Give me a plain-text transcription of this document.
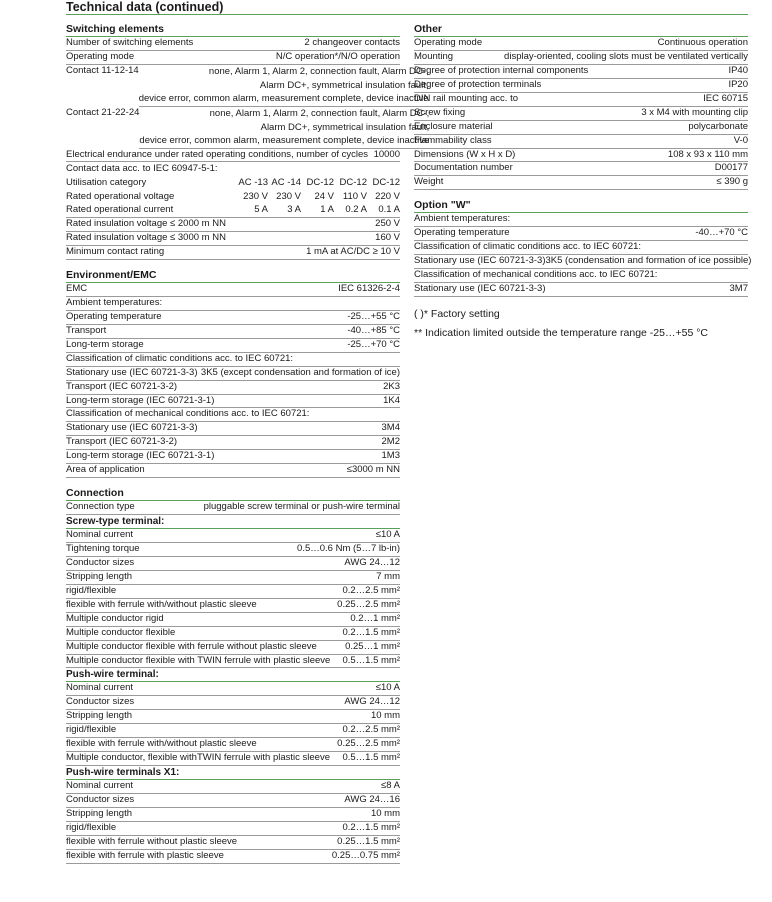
Technical data (continued)
Switching elements
Number of switching elements	2 changeover contacts
Operating mode	N/C operation*/N/O operation
Contact 11-12-14	none, Alarm 1, Alarm 2, connection fault, Alarm DC-,
Alarm DC+, symmetrical insulation fault,
device error, common alarm, measurement complete, device inactive
Contact 21-22-24	none, Alarm 1, Alarm 2, connection fault, Alarm DC-,
Alarm DC+, symmetrical insulation fault,
device error, common alarm, measurement complete, device inactive
Electrical endurance under rated operating conditions, number of cycles 10000
Contact data acc. to IEC 60947-5-1:
Utilisation category	AC -13 AC -14 DC-12 DC-12 DC-12
Rated operational voltage	230 V 230 V	24 V 110 V 220 V
Rated operational current	5 A	3 A	1 A	0.2 A	0.1 A
Rated insulation voltage ≤ 2000 m NN	250 V
Rated insulation voltage ≤ 3000 m NN	160 V
Minimum contact rating	1 mA at AC/DC ≥ 10 V
Environment/EMC
EMC	IEC 61326-2-4
Ambient temperatures:
Operating temperature	-25…+55 °C
Transport	-40…+85 °C
Long-term storage	-25…+70 °C
Classification of climatic conditions acc. to IEC 60721:
Stationary use (IEC 60721-3-3) 3K5 (except condensation and formation of ice)
Transport (IEC 60721-3-2)	2K3
Long-term storage (IEC 60721-3-1)	1K4
Classification of mechanical conditions acc. to IEC 60721:
Stationary use (IEC 60721-3-3)	3M4
Transport (IEC 60721-3-2)	2M2
Long-term storage (IEC 60721-3-1)	1M3
Area of application	≤3000 m NN
Connection
Connection type	pluggable screw terminal or push-wire terminal
Screw-type terminal:
Nominal current	≤10 A
Tightening torque	0.5…0.6 Nm (5…7 lb-in)
Conductor sizes	AWG 24…12
Stripping length	7 mm
rigid/flexible	0.2…2.5 mm²
flexible with ferrule with/without plastic sleeve	0.25…2.5 mm²
Multiple conductor rigid	0.2…1 mm²
Multiple conductor flexible	0.2…1.5 mm²
Multiple conductor flexible with ferrule without plastic sleeve	0.25…1 mm²
Multiple conductor flexible with TWIN ferrule with plastic sleeve 0.5…1.5 mm²
Push-wire terminal:
Nominal current	≤10 A
Conductor sizes	AWG 24…12
Stripping length	10 mm
rigid/flexible	0.2…2.5 mm²
flexible with ferrule with/without plastic sleeve	0.25…2.5 mm²
Multiple conductor, flexible withTWIN ferrule with plastic sleeve 0.5…1.5 mm²
Push-wire terminals X1:
Nominal current	≤8 A
Conductor sizes	AWG 24…16
Stripping length	10 mm
rigid/flexible	0.2…1.5 mm²
flexible with ferrule without plastic sleeve	0.25…1.5 mm²
flexible with ferrule with plastic sleeve	0.25…0.75 mm²
Other
Operating mode	Continuous operation
Mounting	display-oriented, cooling slots must be ventilated vertically
Degree of protection internal components	IP40
Degree of protection terminals	IP20
DIN rail mounting acc. to	IEC 60715
Screw fixing	3 x M4 with mounting clip
Enclosure material	polycarbonate
Flammability class	V-0
Dimensions (W x H x D)	108 x 93 x 110 mm
Documentation number	D00177
Weight	≤ 390 g
Option "W"
Ambient temperatures:
Operating temperature	-40…+70 °C
Classification of climatic conditions acc. to IEC 60721:
Stationary use (IEC 60721-3-3) 3K5 (condensation and formation of ice possible)
Classification of mechanical conditions acc. to IEC 60721:
Stationary use (IEC 60721-3-3)	3M7
( )* Factory setting
** Indication limited outside the temperature range -25…+55 °C
